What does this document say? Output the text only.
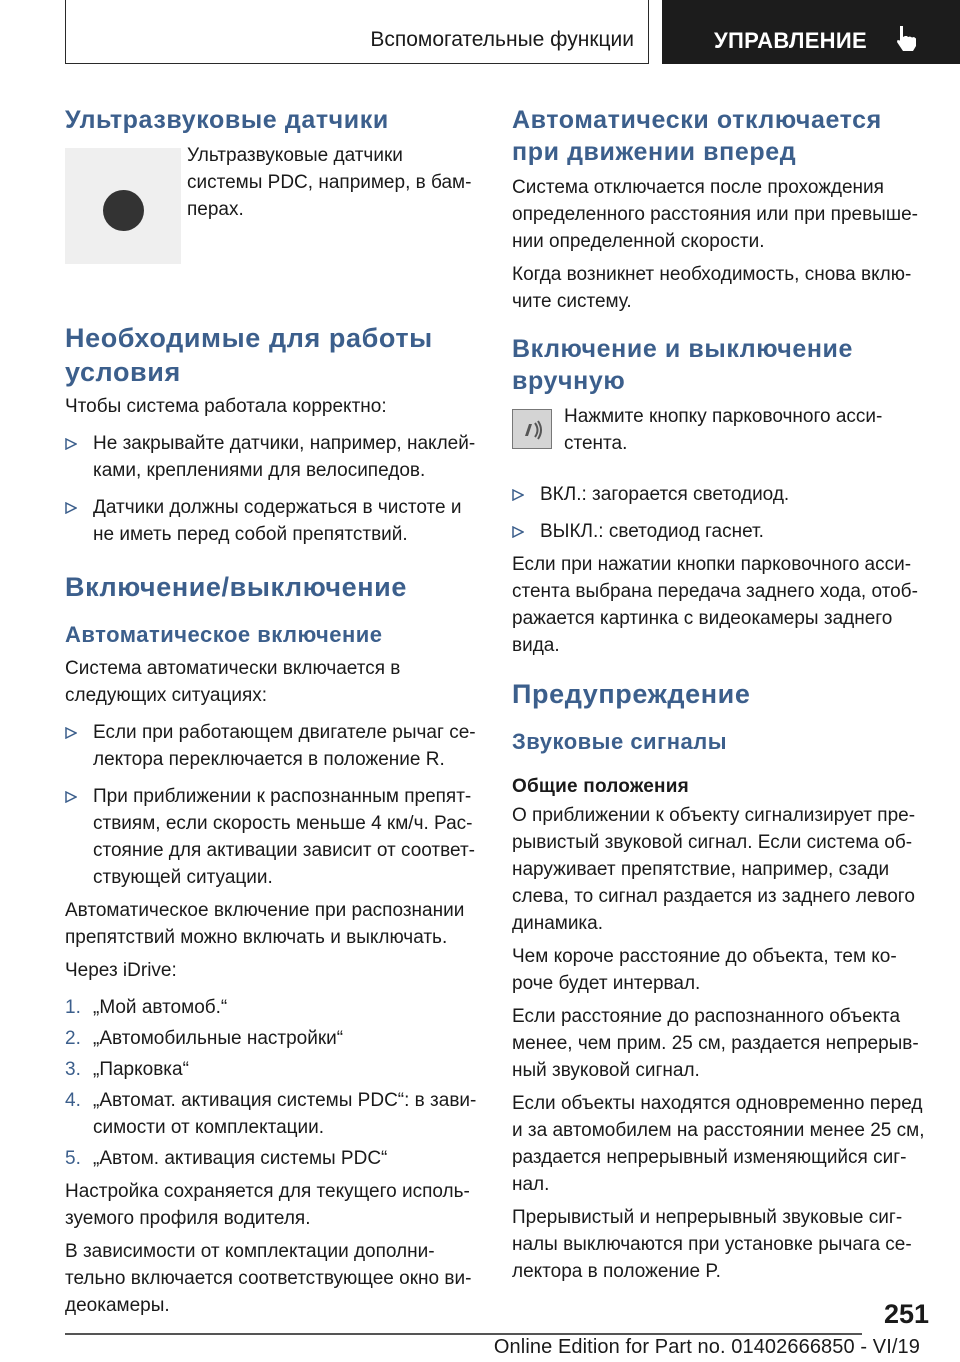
Вспомогательные функции	УПРАВЛЕНИЕ
Ультразвуковые датчики
Ультразвуковые датчики системы PDC, например, в бамперах.
Необходимые для работы условия
Чтобы система работала корректно:
Не закрывайте датчики, например, наклейками, креплениями для велосипедов.
Датчики должны содержаться в чистоте и не иметь перед собой препятствий.
Включение/выключение
Автоматическое включение
Система автоматически включается в следующих ситуациях:
Если при работающем двигателе рычаг селектора переключается в положение R.
При приближении к распознанным препятствиям, если скорость меньше 4 км/ч. Расстояние для активации зависит от соответствующей ситуации.
Автоматическое включение при распознании препятствий можно включать и выключать.
Через iDrive:
1. „Мой автомоб.“
2. „Автомобильные настройки“
3. „Парковка“
4. „Автомат. активация системы PDC“: в зависимости от комплектации.
5. „Автом. активация системы PDC“
Настройка сохраняется для текущего используемого профиля водителя.
В зависимости от комплектации дополнительно включается соответствующее окно видеокамеры.
Автоматически отключается при движении вперед
Система отключается после прохождения определенного расстояния или при превышении определенной скорости.
Когда возникнет необходимость, снова включите систему.
Включение и выключение вручную
Нажмите кнопку парковочного ассистента.
ВКЛ.: загорается светодиод.
ВЫКЛ.: светодиод гаснет.
Если при нажатии кнопки парковочного ассистента выбрана передача заднего хода, отображается картинка с видеокамеры заднего вида.
Предупреждение
Звуковые сигналы
Общие положения
О приближении к объекту сигнализирует прерывистый звуковой сигнал. Если система обнаруживает препятствие, например, сзади слева, то сигнал раздается из заднего левого динамика.
Чем короче расстояние до объекта, тем короче будет интервал.
Если расстояние до распознанного объекта менее, чем прим. 25 см, раздается непрерывный звуковой сигнал.
Если объекты находятся одновременно перед и за автомобилем на расстоянии менее 25 см, раздается непрерывный изменяющийся сигнал.
Прерывистый и непрерывный звуковые сигналы выключаются при установке рычага селектора в положение P.
251
Online Edition for Part no. 01402666850 - VI/19
